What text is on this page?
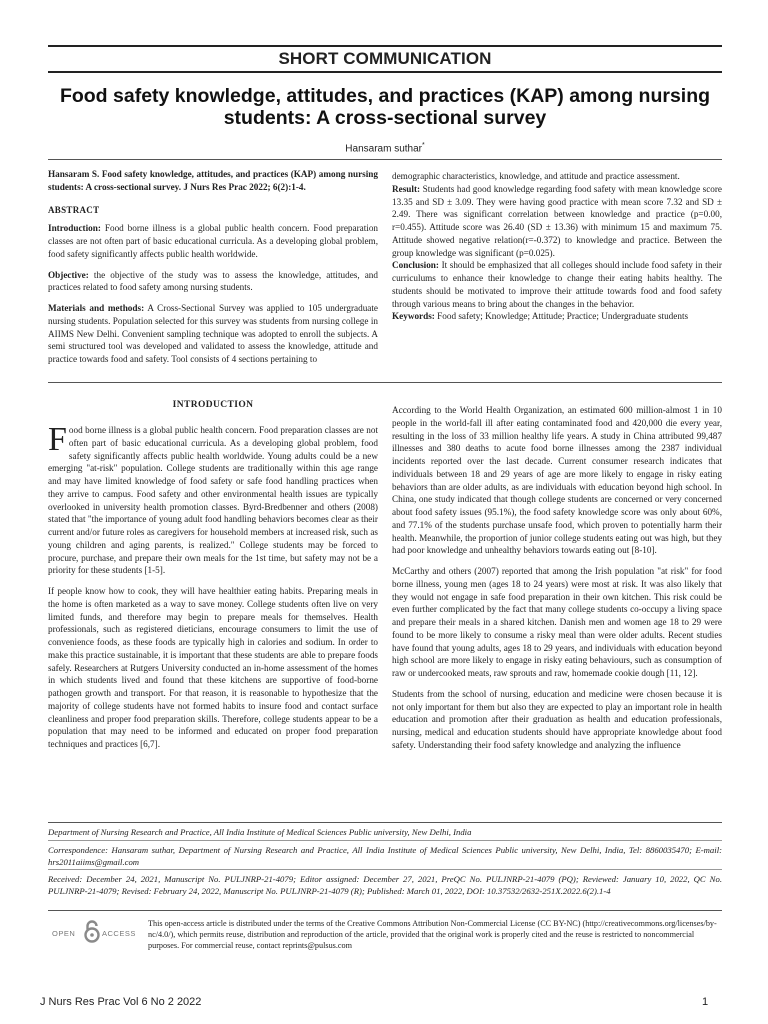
SHORT COMMUNICATION
Food safety knowledge, attitudes, and practices (KAP) among nursing
students: A cross-sectional survey
Hansaram suthar*

Hansaram S. Food safety knowledge, attitudes, and practices (KAP) among nursing students: A cross-sectional survey. J Nurs Res Prac 2022; 6(2):1-4.

ABSTRACT

Introduction: Food borne illness is a global public health concern. Food preparation classes are not often part of basic educational curricula. As a developing global problem, food safety significantly affects public health worldwide.

Objective: the objective of the study was to assess the knowledge, attitudes, and practices related to food safety among nursing students.

Materials and methods: A Cross-Sectional Survey was applied to 105 undergraduate nursing students. Population selected for this survey was students from nursing college in AIIMS New Delhi. Convenient sampling technique was adopted to enroll the subjects. A semi structured tool was developed and validated to assess the knowledge, attitude and practice towards food and safety. Tool consists of 4 sections pertaining to

demographic characteristics, knowledge, and attitude and practice assessment.

Result: Students had good knowledge regarding food safety with mean knowledge score 13.35 and SD ± 3.09. They were having good practice with mean score 7.32 and SD ± 2.49. There was significant correlation between knowledge and practice (p=0.00, r=0.455). Attitude score was 26.40 (SD ± 13.36) with minimum 15 and maximum 75. Attitude showed negative relation(r=-0.372) to knowledge and practice. Between the group knowledge was significant (p=0.025).

Conclusion: It should be emphasized that all colleges should include food safety in their curriculums to enhance their knowledge to change their eating habits healthy. The students should be motivated to improve their attitude towards food and food safety through various means to bring about the changes in the behavior.

Keywords: Food safety; Knowledge; Attitude; Practice; Undergraduate students

INTRODUCTION

Food borne illness is a global public health concern. Food preparation classes are not often part of basic educational curricula. As a developing global problem, food safety significantly affects public health worldwide. Young adults could be a new emerging "at-risk" population. College students are traditionally within this age range and may have limited knowledge of food safety or safe food handling practices when they arrive to campus. Food safety and other environmental health issues are typically overlooked in university health promotion classes. Byrd-Bredbenner and others (2008) stated that "the importance of young adult food handling behaviors becomes clear as their current and/or future roles as caregivers for household members at increased risk, such as young children and aging parents, is realized." College students may be forced to procure, purchase, and prepare their own meals for the 1st time, but safety may not be a priority for these students [1-5].

If people know how to cook, they will have healthier eating habits. Preparing meals in the home is often marketed as a way to save money. College students often live on very limited funds, and therefore may begin to prepare meals for themselves. Health professionals, such as registered dieticians, encourage consumers to limit the use of convenience foods, as these foods are typically high in calories and sodium. In order to make this practice sustainable, it is important that these students are able to prepare foods safely. Researchers at Rutgers University conducted an in-home assessment of the homes in which students lived and found that these kitchens are supportive of food-borne pathogen growth and transport. For that reason, it is reasonable to hypothesize that the majority of college students have not formed habits to insure food and contact surface cleanliness and proper food preparation skills. Therefore, college students appear to be a population that may need to be informed and educated on proper food preparation techniques and practices [6,7].

According to the World Health Organization, an estimated 600 million-almost 1 in 10 people in the world-fall ill after eating contaminated food and 420,000 die every year, resulting in the loss of 33 million healthy life years. A study in China attributed 99,487 illnesses and 380 deaths to acute food borne illnesses among the 2387 individual incidents reported over the last decade. Current consumer research indicates that individuals between 18 and 29 years of age are more likely to engage in risky eating behaviors than are older adults, as are individuals with education beyond high school. In China, one study indicated that though college students are concerned or very concerned about food safety issues (95.1%), the food safety knowledge score was only about 60%, and 77.1% of the students purchase unsafe food, which proven to potentially harm their health. Meanwhile, the proportion of junior college students eating out was high, but they had poor knowledge and unhealthy behaviors towards eating out [8-10].

McCarthy and others (2007) reported that among the Irish population "at risk" for food borne illness, young men (ages 18 to 24 years) were most at risk. It was also likely that they would not engage in safe food preparation in their own kitchen. This risk could be even further complicated by the fact that many college students co-occupy a living space and prepare their meals in a shared kitchen. Danish men and women age 18 to 29 were found to be more likely to consume a risky meal than were older adults. Recent studies have found that young adults, ages 18 to 29 years, and individuals with education beyond high school are more likely to engage in risky eating behaviours, such as consumption of raw or undercooked meats, raw sprouts and raw, homemade cookie dough [11, 12].

Students from the school of nursing, education and medicine were chosen because it is not only important for them but also they are expected to play an important role in health education and promotion after their graduation as health and education professionals, nursing, medical and education students should have appropriate knowledge about food safety. Understanding their food safety knowledge and analyzing the influence

Department of Nursing Research and Practice, All India Institute of Medical Sciences Public university, New Delhi, India
Correspondence: Hansaram suthar, Department of Nursing Research and Practice, All India Institute of Medical Sciences Public university, New Delhi, India, Tel: 8860035470; E-mail: hrs2011aiims@gmail.com
Received: December 24, 2021, Manuscript No. PULJNRP-21-4079; Editor assigned: December 27, 2021, PreQC No. PULJNRP-21-4079 (PQ); Reviewed: January 10, 2022, QC No. PULJNRP-21-4079; Revised: February 24, 2022, Manuscript No. PULJNRP-21-4079 (R); Published: March 01, 2022, DOI: 10.37532/2632-251X.2022.6(2).1-4
OPEN	ACCESS
This open-access article is distributed under the terms of the Creative Commons Attribution Non-Commercial License (CC BY-NC) (http://creativecommons.org/licenses/by-nc/4.0/), which permits reuse, distribution and reproduction of the article, provided that the original work is properly cited and the reuse is restricted to noncommercial purposes. For commercial reuse, contact reprints@pulsus.com
J Nurs Res Prac Vol 6 No 2 2022	1
